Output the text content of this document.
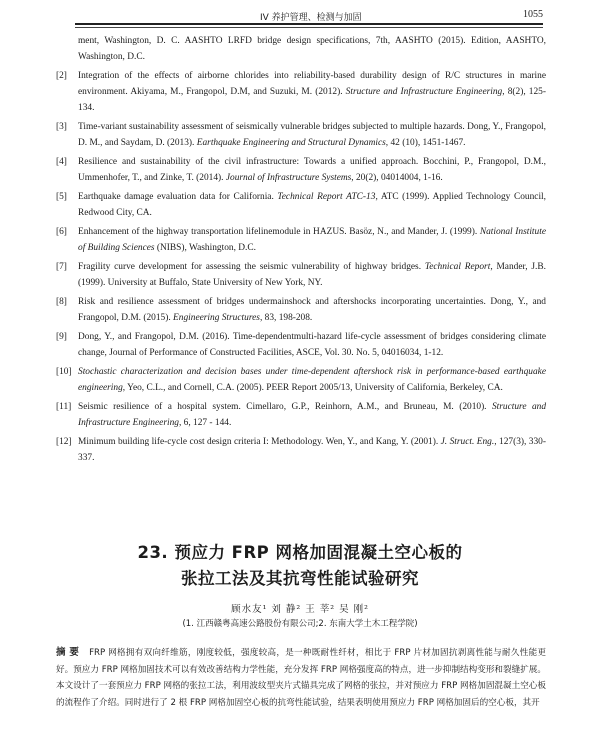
IV 养护管理、检测与加固	1055
ment, Washington, D. C. AASHTO LRFD bridge design specifications, 7th, AASHTO (2015). Edition, AASHTO, Washington, D.C.
[2]	Integration of the effects of airborne chlorides into reliability-based durability design of R/C structures in marine environment. Akiyama, M., Frangopol, D.M, and Suzuki, M. (2012). Structure and Infrastructure Engineering, 8(2), 125-134.
[3]	Time-variant sustainability assessment of seismically vulnerable bridges subjected to multiple hazards. Dong, Y., Frangopol, D. M., and Saydam, D. (2013). Earthquake Engineering and Structural Dynamics, 42 (10), 1451-1467.
[4]	Resilience and sustainability of the civil infrastructure: Towards a unified approach. Bocchini, P., Frangopol, D.M., Ummenhofer, T., and Zinke, T. (2014). Journal of Infrastructure Systems, 20(2), 04014004, 1-16.
[5]	Earthquake damage evaluation data for California. Technical Report ATC-13, ATC (1999). Applied Technology Council, Redwood City, CA.
[6]	Enhancement of the highway transportation lifelinemodule in HAZUS. Basöz, N., and Mander, J. (1999). National Institute of Building Sciences (NIBS), Washington, D.C.
[7]	Fragility curve development for assessing the seismic vulnerability of highway bridges. Technical Report, Mander, J.B. (1999). University at Buffalo, State University of New York, NY.
[8]	Risk and resilience assessment of bridges undermainshock and aftershocks incorporating uncertainties. Dong, Y., and Frangopol, D.M. (2015). Engineering Structures, 83, 198-208.
[9]	Dong, Y., and Frangopol, D.M. (2016). Time-dependentmulti-hazard life-cycle assessment of bridges considering climate change, Journal of Performance of Constructed Facilities, ASCE, Vol. 30. No. 5, 04016034, 1-12.
[10] Stochastic characterization and decision bases under time-dependent aftershock risk in performance-based earthquake engineering, Yeo, C.L., and Cornell, C.A. (2005). PEER Report 2005/13, University of California, Berkeley, CA.
[11] Seismic resilience of a hospital system. Cimellaro, G.P., Reinhorn, A.M., and Bruneau, M. (2010). Structure and Infrastructure Engineering, 6, 127 - 144.
[12] Minimum building life-cycle cost design criteria I: Methodology. Wen, Y., and Kang, Y. (2001). J. Struct. Eng., 127(3), 330-337.
23. 预应力 FRP 网格加固混凝土空心板的
张拉工法及其抗弯性能试验研究
顾水友¹ 刘 静² 王 莘² 吴 刚²
(1. 江西赣粤高速公路股份有限公司;2. 东南大学土木工程学院)
摘 要 FRP 网格拥有双向纤维筋，刚度较低，强度较高，是一种既耐性纤材，相比于 FRP 片材加固抗剥离性能与耐久性能更好。预应力 FRP 网格加固技术可以有效改善结构力学性能，充分发挥 FRP 网格强度高的特点，进一步抑制结构变形和裂缝扩展。本文设计了一套预应力 FRP 网格的张拉工法，利用波纹型夹片式锚具完成了网格的张拉，并对预应力 FRP 网格加固混凝土空心板的流程作了介绍。同时进行了 2 根 FRP 网格加固空心板的抗弯性能试验，结果表明使用预应力 FRP 网格加固后的空心板，其开
